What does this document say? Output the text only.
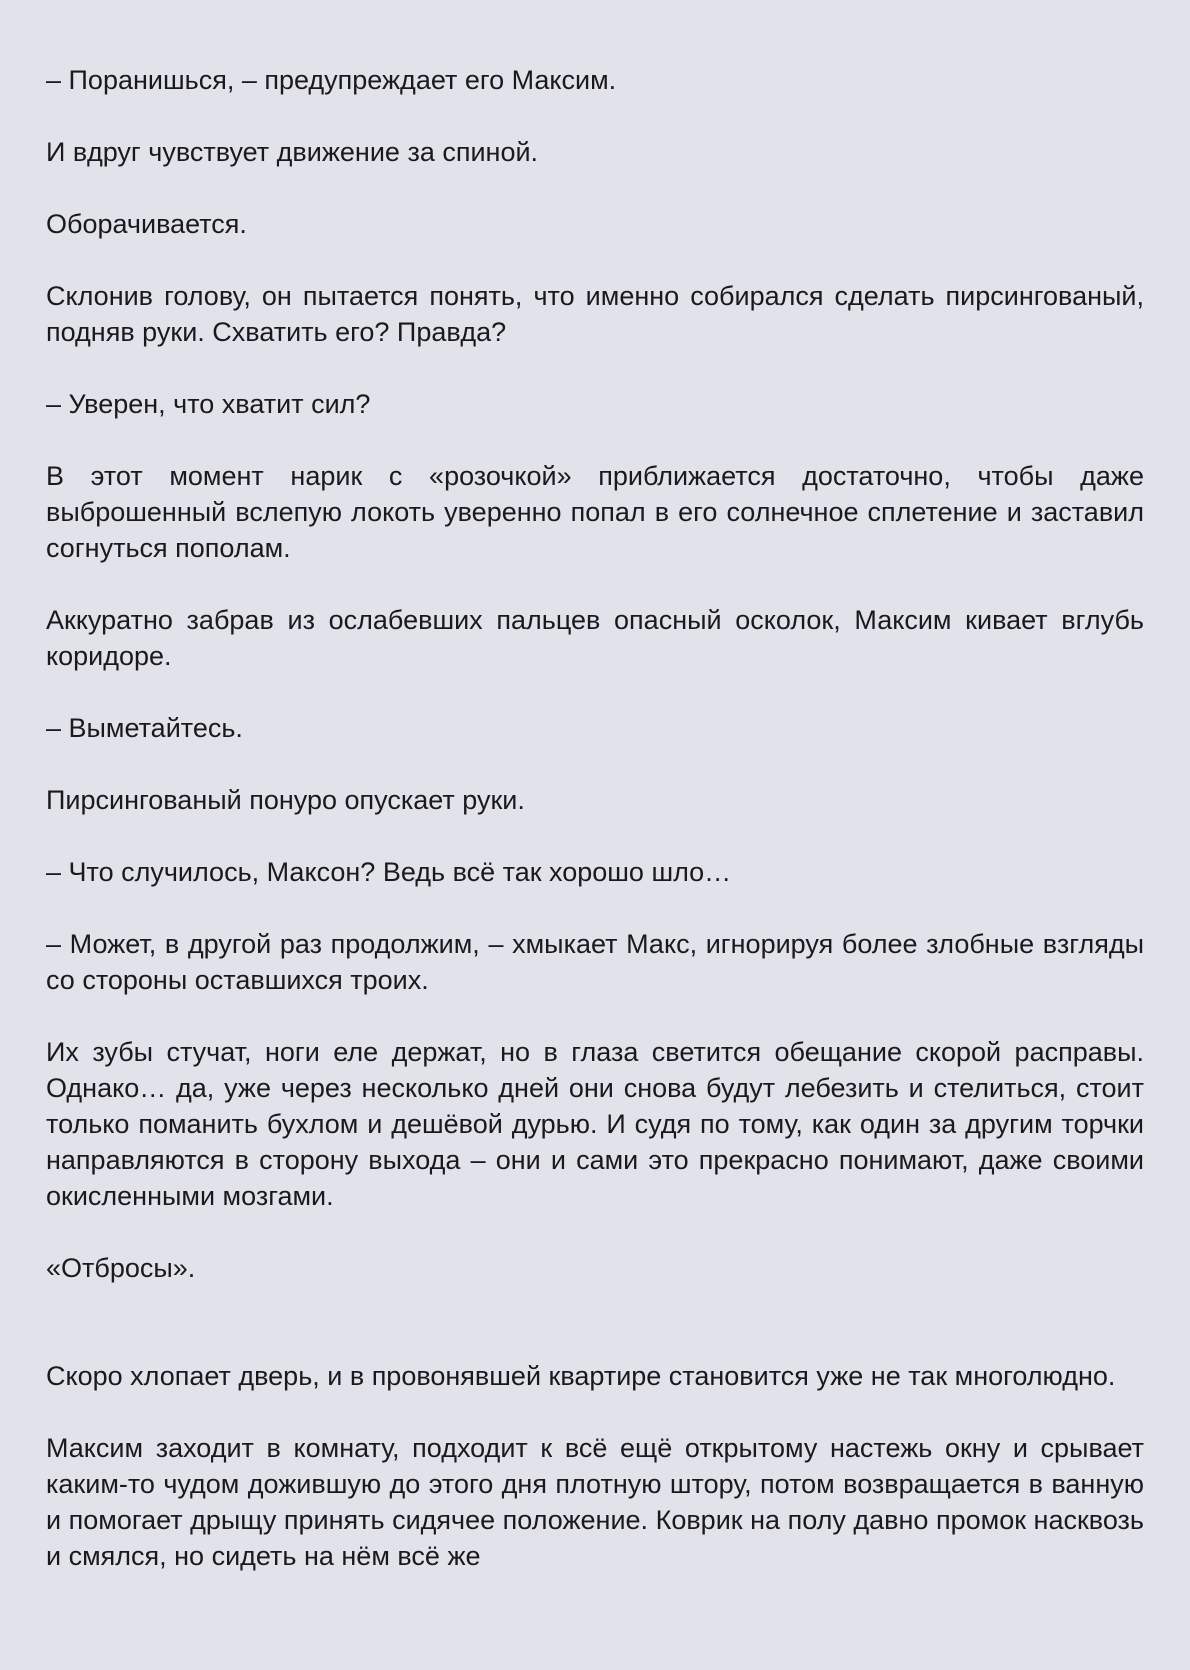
– Поранишься, – предупреждает его Максим.

И вдруг чувствует движение за спиной.

Оборачивается.

Склонив голову, он пытается понять, что именно собирался сделать пирсингованый, подняв руки. Схватить его? Правда?

– Уверен, что хватит сил?

В этот момент нарик с «розочкой» приближается достаточно, чтобы даже выброшенный вслепую локоть уверенно попал в его солнечное сплетение и заставил согнуться пополам.

Аккуратно забрав из ослабевших пальцев опасный осколок, Максим кивает вглубь коридоре.

– Выметайтесь.

Пирсингованый понуро опускает руки.

– Что случилось, Максон? Ведь всё так хорошо шло…

– Может, в другой раз продолжим, – хмыкает Макс, игнорируя более злобные взгляды со стороны оставшихся троих.

Их зубы стучат, ноги еле держат, но в глаза светится обещание скорой расправы. Однако… да, уже через несколько дней они снова будут лебезить и стелиться, стоит только поманить бухлом и дешёвой дурью. И судя по тому, как один за другим торчки направляются в сторону выхода – они и сами это прекрасно понимают, даже своими окисленными мозгами.

«Отбросы».

Скоро хлопает дверь, и в провонявшей квартире становится уже не так многолюдно.

Максим заходит в комнату, подходит к всё ещё открытому настежь окну и срывает каким-то чудом дожившую до этого дня плотную штору, потом возвращается в ванную и помогает дрыщу принять сидячее положение. Коврик на полу давно промок насквозь и смялся, но сидеть на нём всё же
